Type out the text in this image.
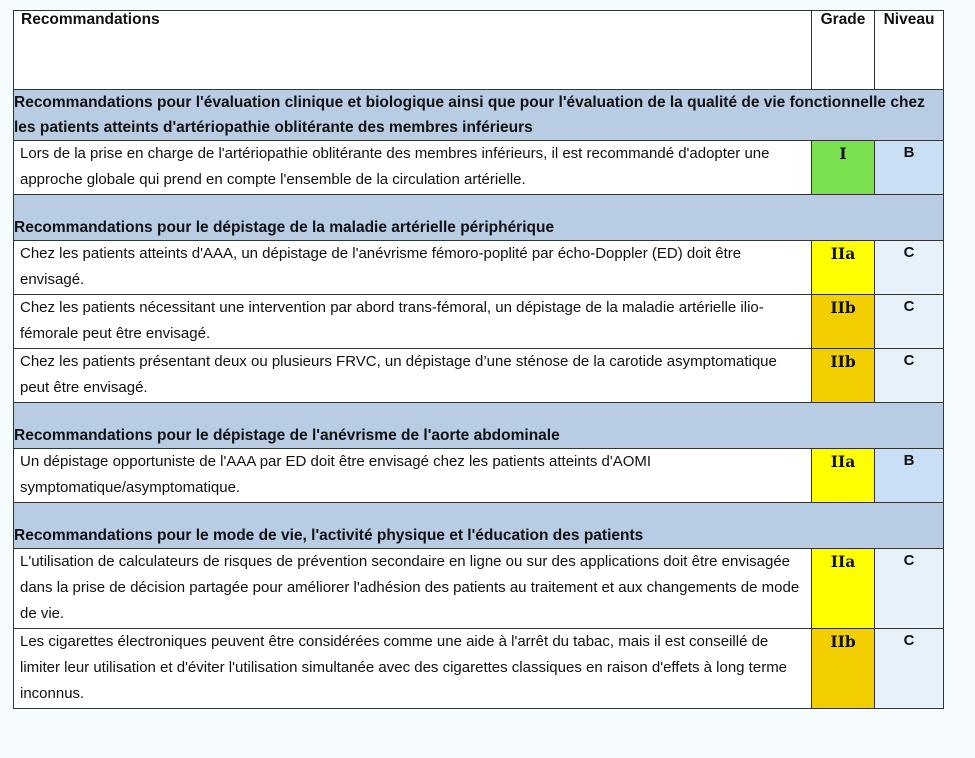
Recommandations	Grade	Niveau
Recommandations pour l'évaluation clinique et biologique ainsi que pour l'évaluation de la qualité de vie fonctionnelle chez les patients atteints d'artériopathie oblitérante des membres inférieurs		
Lors de la prise en charge de l'artériopathie oblitérante des membres inférieurs, il est recommandé d'adopter une approche globale qui prend en compte l'ensemble de la circulation artérielle.	I	B
Recommandations pour le dépistage de la maladie artérielle périphérique		
Chez les patients atteints d'AAA, un dépistage de l'anévrisme fémoro-poplité par écho-Doppler (ED) doit être envisagé.	IIa	C
Chez les patients nécessitant une intervention par abord trans-fémoral, un dépistage de la maladie artérielle ilio-fémorale peut être envisagé.	IIb	C
Chez les patients présentant deux ou plusieurs FRVC, un dépistage d’une sténose de la carotide asymptomatique peut être envisagé.	IIb	C
Recommandations pour le dépistage de l'anévrisme de l'aorte abdominale		
Un dépistage opportuniste de l'AAA par ED doit être envisagé chez les patients atteints d'AOMI symptomatique/asymptomatique.	IIa	B
Recommandations pour le mode de vie, l'activité physique et l'éducation des patients		
L'utilisation de calculateurs de risques de prévention secondaire en ligne ou sur des applications doit être envisagée dans la prise de décision partagée pour améliorer l'adhésion des patients au traitement et aux changements de mode de vie.	IIa	C
Les cigarettes électroniques peuvent être considérées comme une aide à l'arrêt du tabac, mais il est conseillé de limiter leur utilisation et d'éviter l'utilisation simultanée avec des cigarettes classiques en raison d'effets à long terme inconnus.	IIb	C
